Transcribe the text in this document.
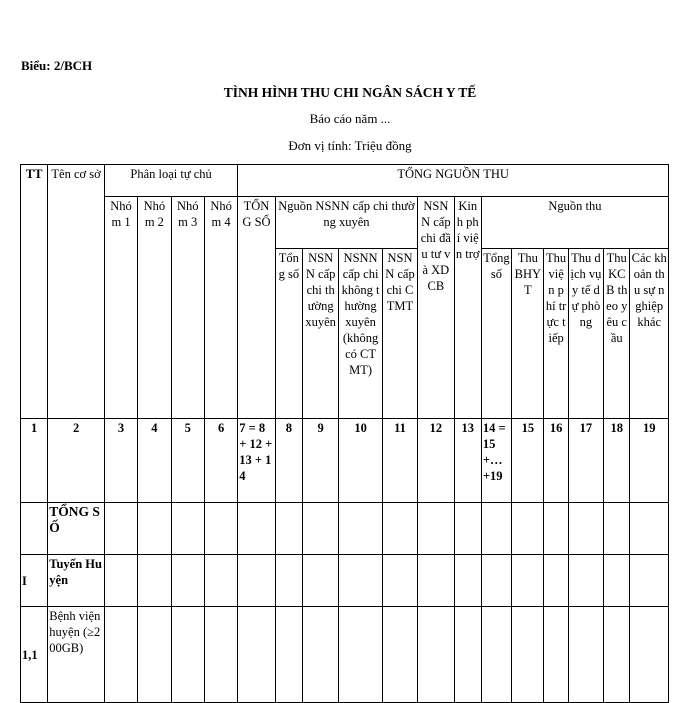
Biểu: 2/BCH
TÌNH HÌNH THU CHI NGÂN SÁCH Y TẾ
Báo cáo năm ...
Đơn vị tính: Triệu đồng
TT	Tên cơ sở	Phân loại tự chủ				TỔNG NGUỒN THU												
		Nhóm 1	Nhóm 2	Nhóm 3	Nhóm 4	TỔNG SỐ	Nguồn NSNN cấp chi thường xuyên				NSNN cấp chi đầu tư và XDCB	Kinh phí viện trợ	Nguồn thu					
							Tổng số	NSNN cấp chi thường xuyên	NSNN cấp chi không thường xuyên (không có CTMT)	NSNN cấp chi CTMT			Tổng số	Thu BHYT	Thu viện phí trực tiếp	Thu dịch vụ y tế dự phòng	Thu KCB theo yêu cầu	Các khoản thu sự nghiệp khác
1	2	3	4	5	6	7 = 8 + 12 + 13 + 14	8	9	10	11	12	13	14 =15 +… +19	15	16	17	18	19
	TỔNG SỐ																	
I	Tuyến Huyện																	
1,1	Bệnh viện huyện (≥200GB)																	
